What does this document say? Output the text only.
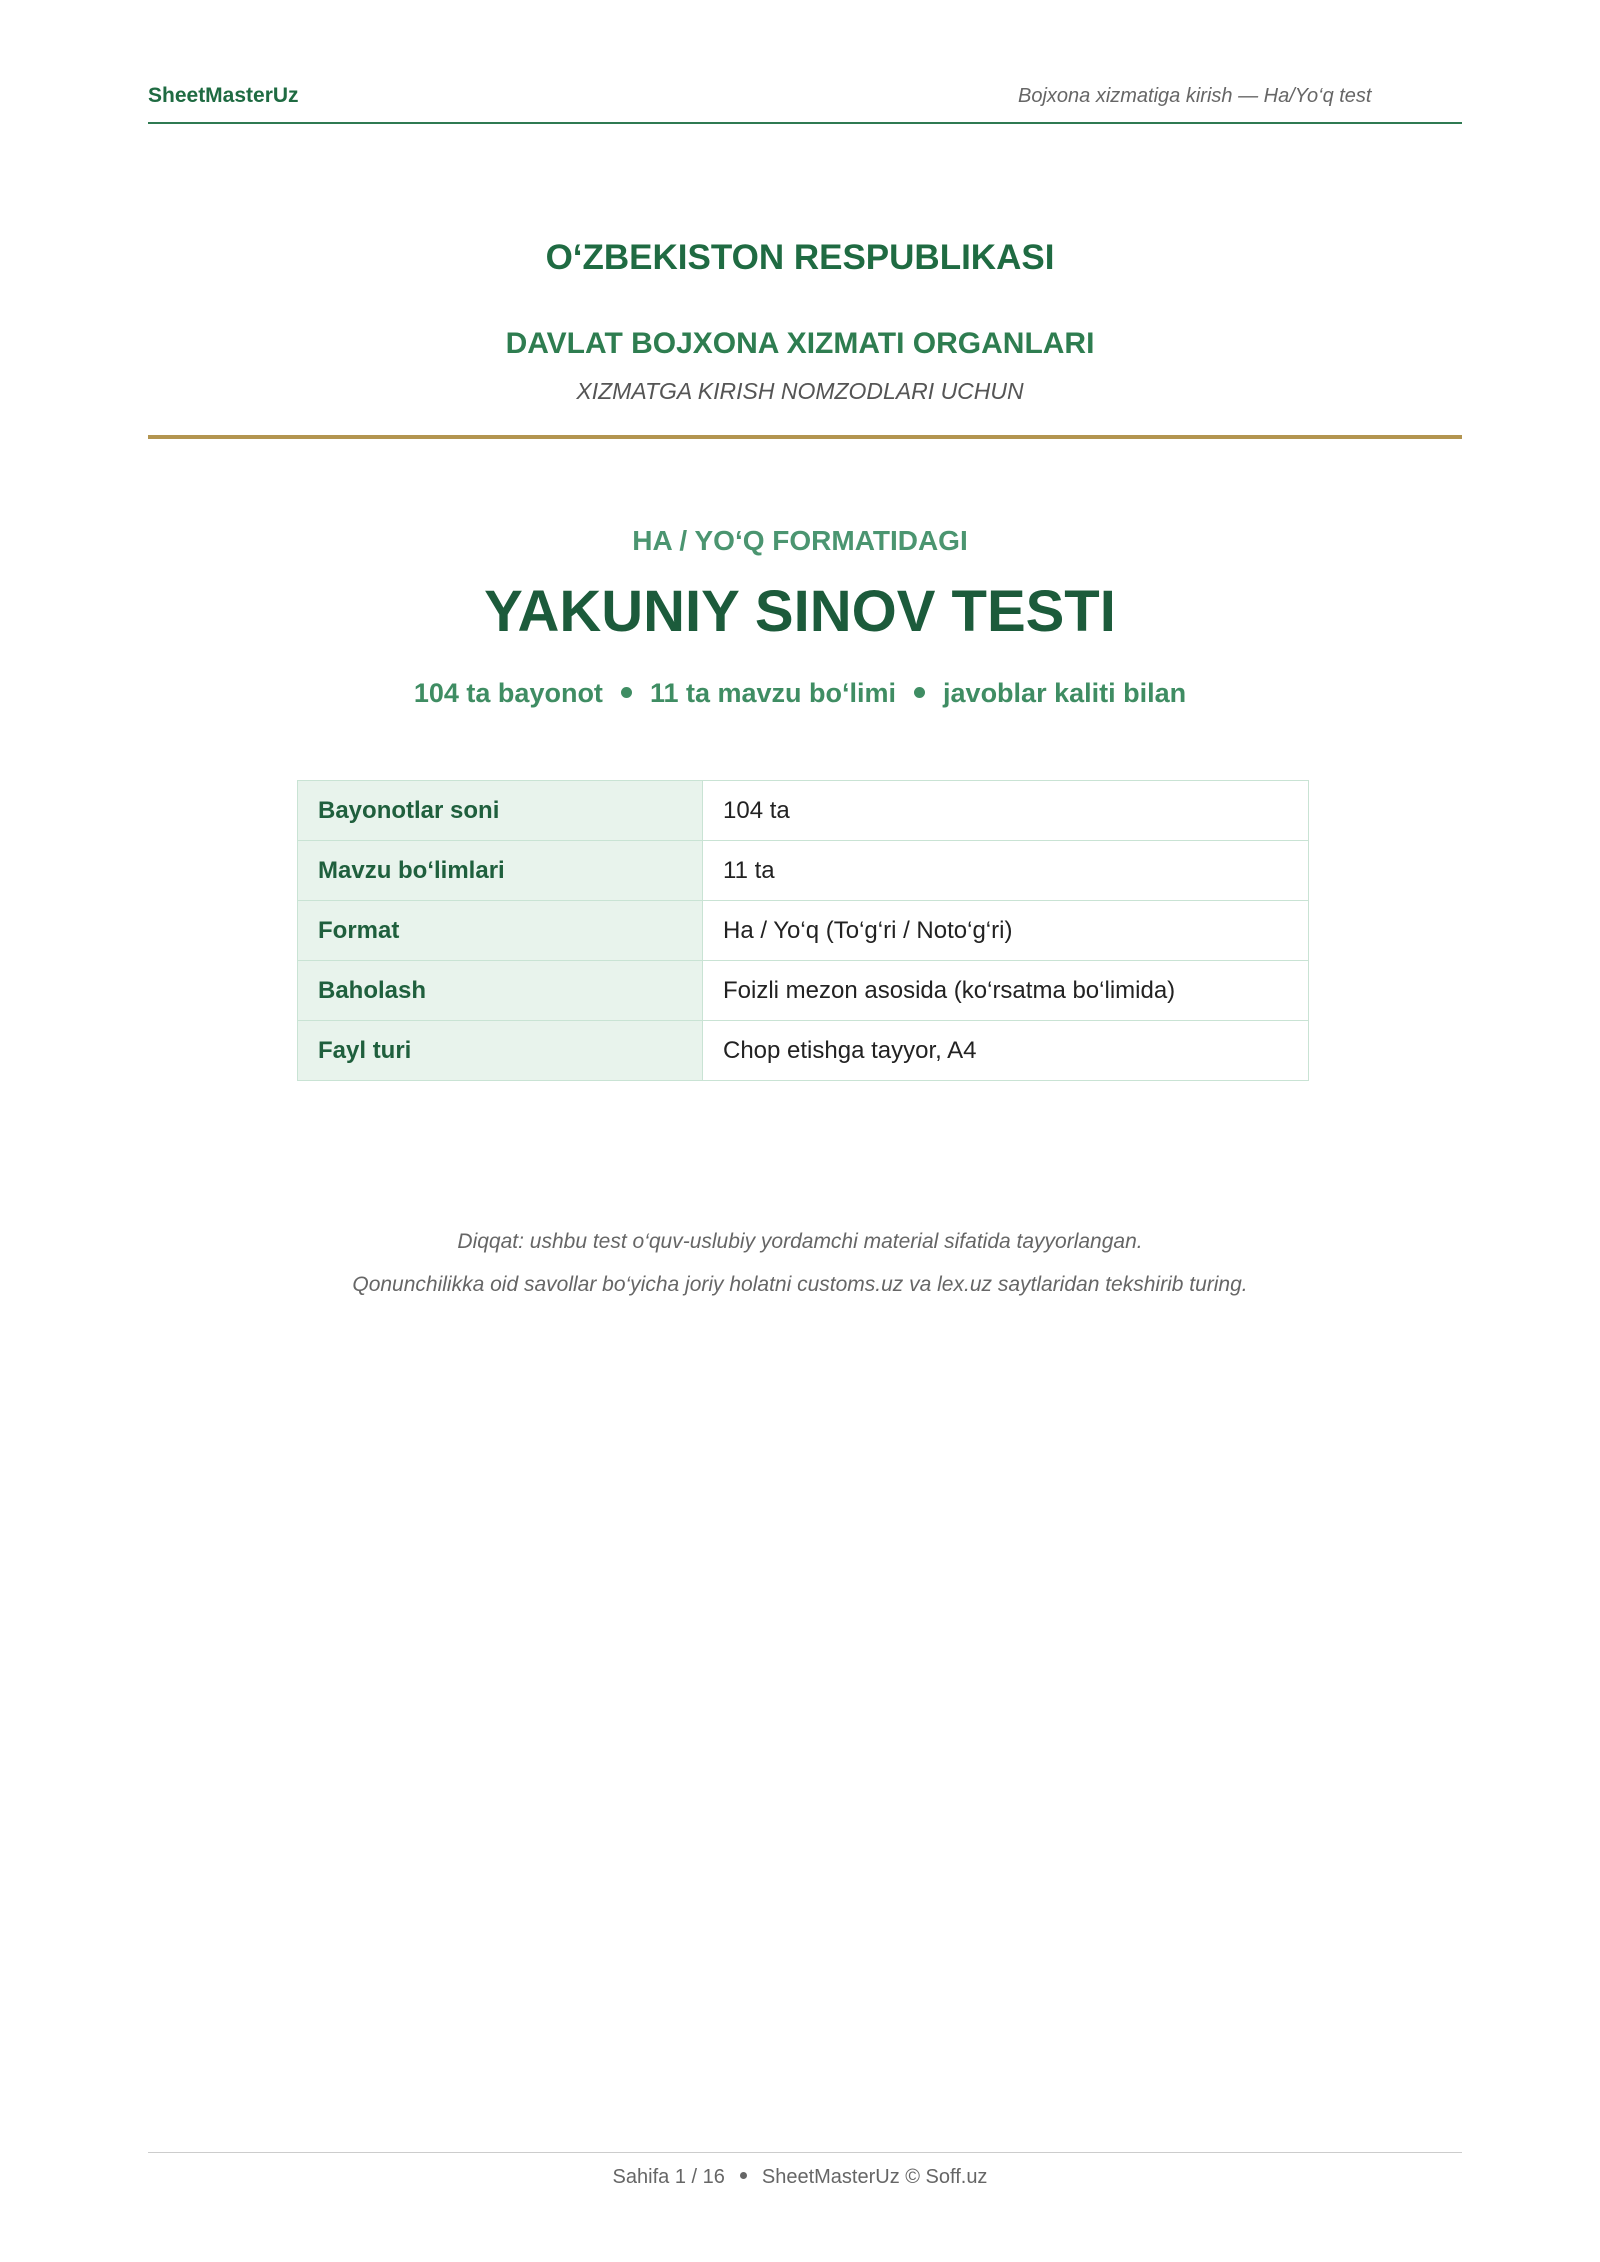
SheetMasterUz	Bojxona xizmatiga kirish — Ha/Yo‘q test
O‘ZBEKISTON RESPUBLIKASI
DAVLAT BOJXONA XIZMATI ORGANLARI
XIZMATGA KIRISH NOMZODLARI UCHUN
HA / YO‘Q FORMATIDAGI
YAKUNIY SINOV TESTI
104 ta bayonot 11 ta mavzu bo‘limi javoblar kaliti bilan
Bayonotlar soni	104 ta
Mavzu bo‘limlari	11 ta
Format	Ha / Yo‘q (To‘g‘ri / Noto‘g‘ri)
Baholash	Foizli mezon asosida (ko‘rsatma bo‘limida)
Fayl turi	Chop etishga tayyor, A4
Diqqat: ushbu test o‘quv-uslubiy yordamchi material sifatida tayyorlangan.
Qonunchilikka oid savollar bo‘yicha joriy holatni customs.uz va lex.uz saytlaridan tekshirib turing.
Sahifa 1 / 16 SheetMasterUz © Soff.uz
